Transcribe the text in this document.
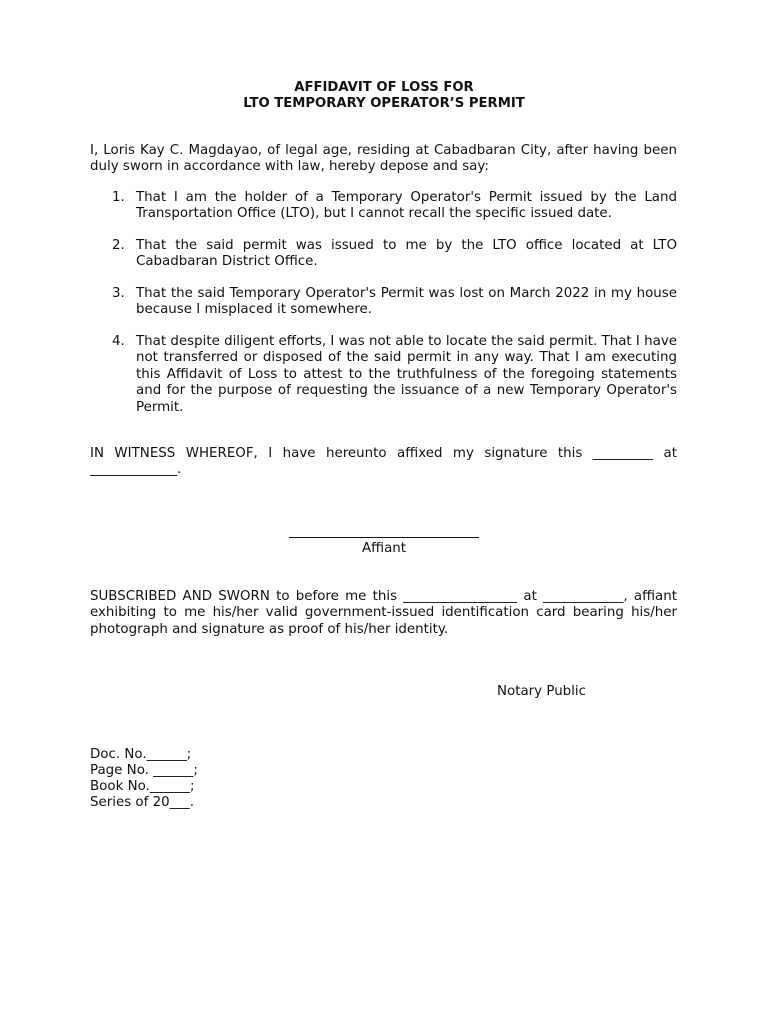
AFFIDAVIT OF LOSS FOR
LTO TEMPORARY OPERATOR’S PERMIT
I, Loris Kay C. Magdayao, of legal age, residing at Cabadbaran City, after having been duly sworn in accordance with law, hereby depose and say:
1. That I am the holder of a Temporary Operator's Permit issued by the Land Transportation Office (LTO), but I cannot recall the specific issued date.
2. That the said permit was issued to me by the LTO office located at LTO Cabadbaran District Office.
3. That the said Temporary Operator's Permit was lost on March 2022 in my house because I misplaced it somewhere.
4. That despite diligent efforts, I was not able to locate the said permit. That I have not transferred or disposed of the said permit in any way. That I am executing this Affidavit of Loss to attest to the truthfulness of the foregoing statements and for the purpose of requesting the issuance of a new Temporary Operator's Permit.
IN WITNESS WHEREOF, I have hereunto affixed my signature this _________ at _____________.
Affiant
SUBSCRIBED AND SWORN to before me this _________________ at ____________, affiant exhibiting to me his/her valid government-issued identification card bearing his/her photograph and signature as proof of his/her identity.
Notary Public
Doc. No.______;
Page No. ______;
Book No.______;
Series of 20___.
